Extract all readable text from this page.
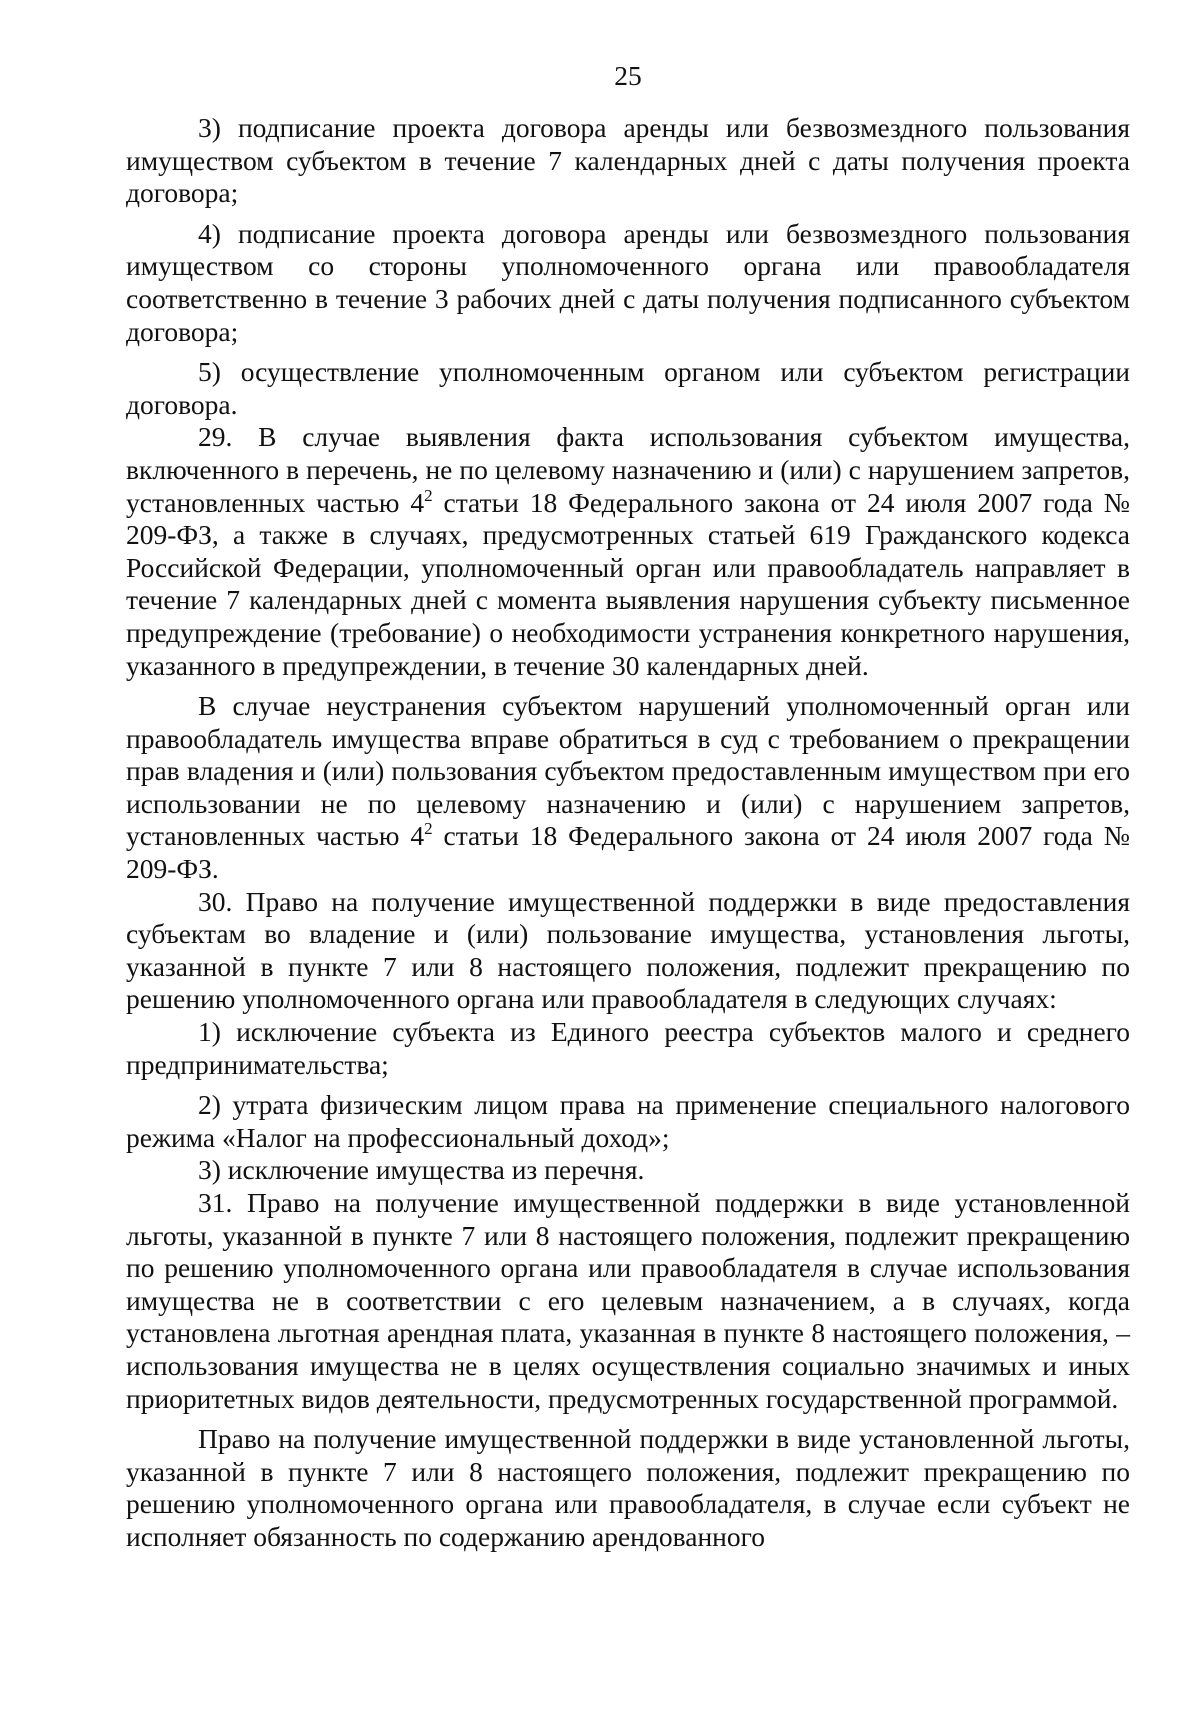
25

3) подписание проекта договора аренды или безвозмездного пользования имуществом субъектом в течение 7 календарных дней с даты получения проекта договора;

4) подписание проекта договора аренды или безвозмездного пользования имуществом со стороны уполномоченного органа или правообладателя соответственно в течение 3 рабочих дней с даты получения подписанного субъектом договора;

5) осуществление уполномоченным органом или субъектом регистрации договора.

29. В случае выявления факта использования субъектом имущества, включенного в перечень, не по целевому назначению и (или) с нарушением запретов, установленных частью $4^2$ статьи 18 Федерального закона от 24 июля 2007 года № 209-ФЗ, а также в случаях, предусмотренных статьей 619 Гражданского кодекса Российской Федерации, уполномоченный орган или правообладатель направляет в течение 7 календарных дней с момента выявления нарушения субъекту письменное предупреждение (требование) о необходимости устранения конкретного нарушения, указанного в предупреждении, в течение 30 календарных дней.

В случае неустранения субъектом нарушений уполномоченный орган или правообладатель имущества вправе обратиться в суд с требованием о прекращении прав владения и (или) пользования субъектом предоставленным имуществом при его использовании не по целевому назначению и (или) с нарушением запретов, установленных частью $4^2$ статьи 18 Федерального закона от 24 июля 2007 года № 209-ФЗ.

30. Право на получение имущественной поддержки в виде предоставления субъектам во владение и (или) пользование имущества, установления льготы, указанной в пункте 7 или 8 настоящего положения, подлежит прекращению по решению уполномоченного органа или правообладателя в следующих случаях:

1) исключение субъекта из Единого реестра субъектов малого и среднего предпринимательства;

2) утрата физическим лицом права на применение специального налогового режима «Налог на профессиональный доход»;

3) исключение имущества из перечня.

31. Право на получение имущественной поддержки в виде установленной льготы, указанной в пункте 7 или 8 настоящего положения, подлежит прекращению по решению уполномоченного органа или правообладателя в случае использования имущества не в соответствии с его целевым назначением, а в случаях, когда установлена льготная арендная плата, указанная в пункте 8 настоящего положения, – использования имущества не в целях осуществления социально значимых и иных приоритетных видов деятельности, предусмотренных государственной программой.

Право на получение имущественной поддержки в виде установленной льготы, указанной в пункте 7 или 8 настоящего положения, подлежит прекращению по решению уполномоченного органа или правообладателя, в случае если субъект не исполняет обязанность по содержанию арендованного
